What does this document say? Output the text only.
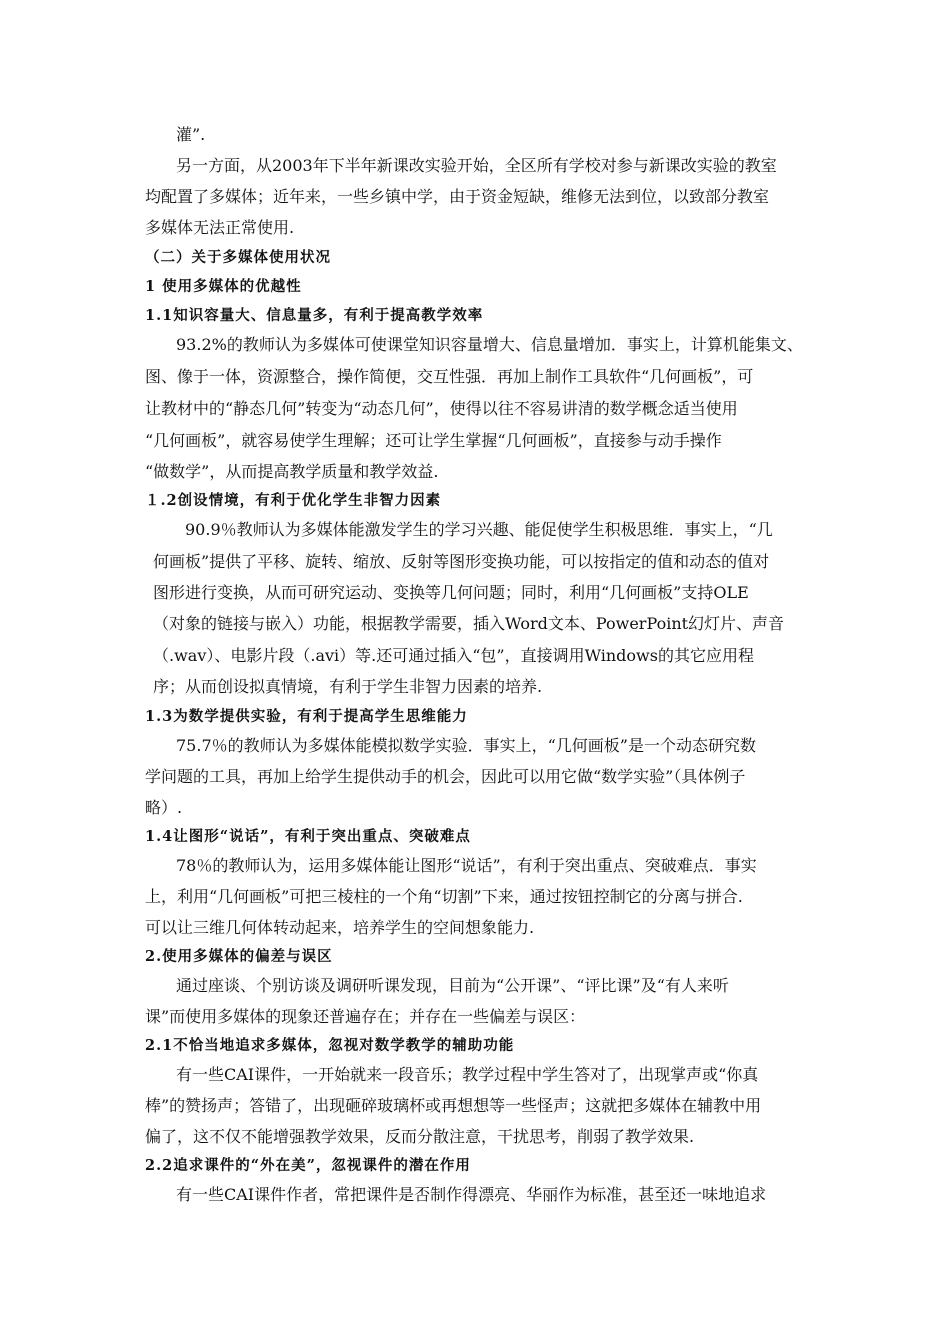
灌”.
另一方面，从2003年下半年新课改实验开始，全区所有学校对参与新课改实验的教室
均配置了多媒体；近年来，一些乡镇中学，由于资金短缺，维修无法到位，以致部分教室
多媒体无法正常使用.
（二）关于多媒体使用状况
1 使用多媒体的优越性
1.1知识容量大、信息量多，有利于提高教学效率
93.2%的教师认为多媒体可使课堂知识容量增大、信息量增加．事实上，计算机能集文、
图、像于一体，资源整合，操作简便，交互性强．再加上制作工具软件“几何画板”，可
让教材中的“静态几何”转变为“动态几何”，使得以往不容易讲清的数学概念适当使用
“几何画板”，就容易使学生理解；还可让学生掌握“几何画板”，直接参与动手操作
“做数学”，从而提高教学质量和教学效益.
１.2创设情境，有利于优化学生非智力因素
90.9％教师认为多媒体能激发学生的学习兴趣、能促使学生积极思维．事实上，“几
何画板”提供了平移、旋转、缩放、反射等图形变换功能，可以按指定的值和动态的值对
图形进行变换，从而可研究运动、变换等几何问题；同时，利用“几何画板”支持OLE
（对象的链接与嵌入）功能，根据教学需要，插入Word文本、PowerPoint幻灯片、声音
（.wav）、电影片段（.avi）等.还可通过插入“包”，直接调用Windows的其它应用程
序；从而创设拟真情境，有利于学生非智力因素的培养.
1.3为数学提供实验，有利于提高学生思维能力
75.7％的教师认为多媒体能模拟数学实验．事实上，“几何画板”是一个动态研究数
学问题的工具，再加上给学生提供动手的机会，因此可以用它做“数学实验”（具体例子
略）.
1.4让图形“说话”，有利于突出重点、突破难点
78％的教师认为，运用多媒体能让图形“说话”，有利于突出重点、突破难点．事实
上，利用“几何画板”可把三棱柱的一个角“切割”下来，通过按钮控制它的分离与拼合.
可以让三维几何体转动起来，培养学生的空间想象能力.
2.使用多媒体的偏差与误区
通过座谈、个别访谈及调研听课发现，目前为“公开课”、“评比课”及“有人来听
课”而使用多媒体的现象还普遍存在；并存在一些偏差与误区：
2.1不恰当地追求多媒体，忽视对数学教学的辅助功能
有一些CAI课件，一开始就来一段音乐；教学过程中学生答对了，出现掌声或“你真
棒”的赞扬声；答错了，出现砸碎玻璃杯或再想想等一些怪声；这就把多媒体在辅教中用
偏了，这不仅不能增强教学效果，反而分散注意，干扰思考，削弱了教学效果.
2.2追求课件的“外在美”，忽视课件的潜在作用
有一些CAI课件作者，常把课件是否制作得漂亮、华丽作为标准，甚至还一味地追求
